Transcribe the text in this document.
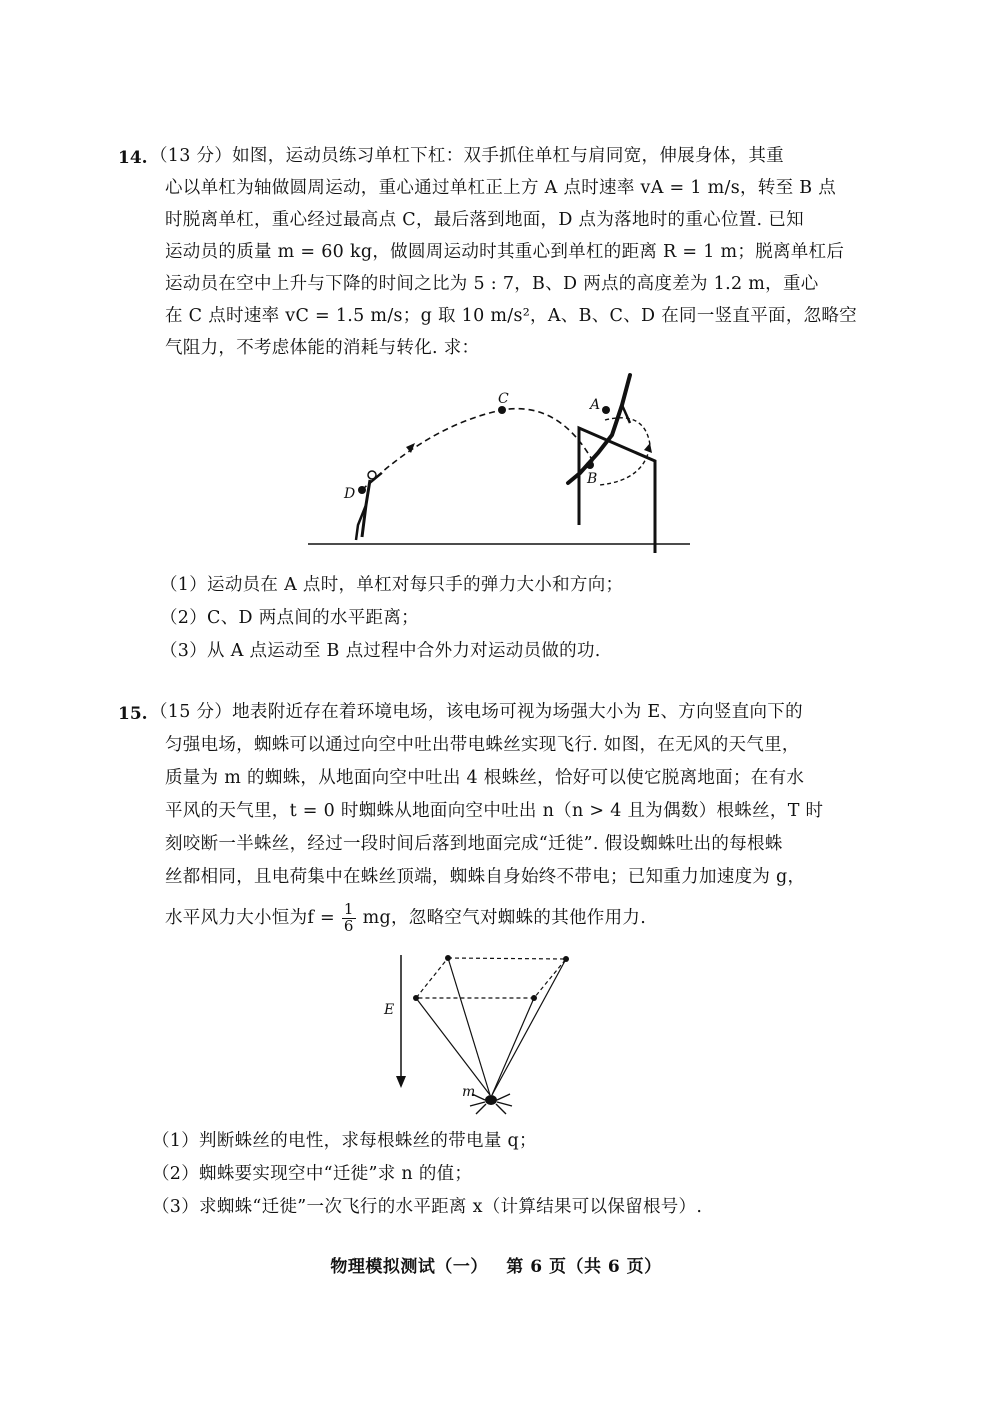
14. （13 分）如图，运动员练习单杠下杠：双手抓住单杠与肩同宽，伸展身体，其重
心以单杠为轴做圆周运动，重心通过单杠正上方 A 点时速率 vA = 1 m/s，转至 B 点
时脱离单杠，重心经过最高点 C，最后落到地面，D 点为落地时的重心位置. 已知
运动员的质量 m = 60 kg，做圆周运动时其重心到单杠的距离 R = 1 m；脱离单杠后
运动员在空中上升与下降的时间之比为 5 : 7，B、D 两点的高度差为 1.2 m，重心
在 C 点时速率 vC = 1.5 m/s；g 取 10 m/s²，A、B、C、D 在同一竖直平面，忽略空
气阻力，不考虑体能的消耗与转化. 求：
C	A
B
D
（1）运动员在 A 点时，单杠对每只手的弹力大小和方向；
（2）C、D 两点间的水平距离；
（3）从 A 点运动至 B 点过程中合外力对运动员做的功.
15. （15 分）地表附近存在着环境电场，该电场可视为场强大小为 E、方向竖直向下的
匀强电场，蜘蛛可以通过向空中吐出带电蛛丝实现飞行. 如图，在无风的天气里，
质量为 m 的蜘蛛，从地面向空中吐出 4 根蛛丝，恰好可以使它脱离地面；在有水
平风的天气里，t = 0 时蜘蛛从地面向空中吐出 n（n > 4 且为偶数）根蛛丝，T 时
刻咬断一半蛛丝，经过一段时间后落到地面完成“迁徙”. 假设蜘蛛吐出的每根蛛
丝都相同，且电荷集中在蛛丝顶端，蜘蛛自身始终不带电；已知重力加速度为 g，
水平风力大小恒为$f = \frac{1}{6}$ mg，忽略空气对蜘蛛的其他作用力.
E
m
（1）判断蛛丝的电性，求每根蛛丝的带电量 q；
（2）蜘蛛要实现空中“迁徙”求 n 的值；
（3）求蜘蛛“迁徙”一次飞行的水平距离 x（计算结果可以保留根号）.
物理模拟测试（一） 第 6 页（共 6 页）
